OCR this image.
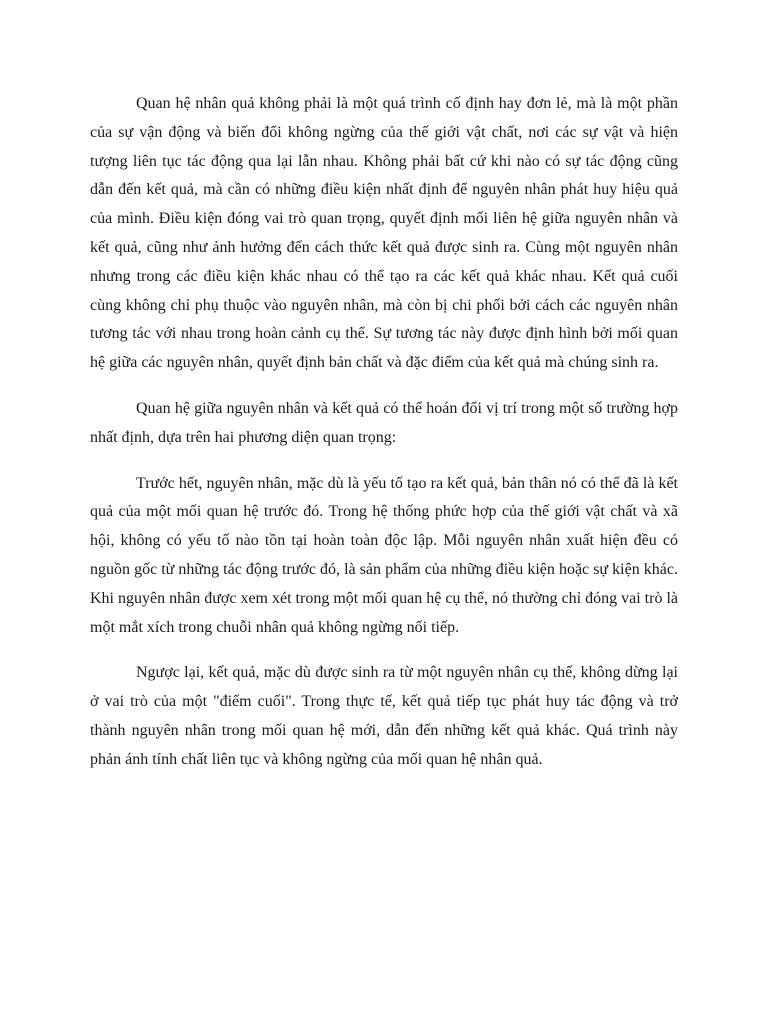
Quan hệ nhân quả không phải là một quá trình cố định hay đơn lẻ, mà là một phần của sự vận động và biến đổi không ngừng của thế giới vật chất, nơi các sự vật và hiện tượng liên tục tác động qua lại lẫn nhau. Không phải bất cứ khi nào có sự tác động cũng dẫn đến kết quả, mà cần có những điều kiện nhất định để nguyên nhân phát huy hiệu quả của mình. Điều kiện đóng vai trò quan trọng, quyết định mối liên hệ giữa nguyên nhân và kết quả, cũng như ảnh hưởng đến cách thức kết quả được sinh ra. Cùng một nguyên nhân nhưng trong các điều kiện khác nhau có thể tạo ra các kết quả khác nhau. Kết quả cuối cùng không chỉ phụ thuộc vào nguyên nhân, mà còn bị chi phối bởi cách các nguyên nhân tương tác với nhau trong hoàn cảnh cụ thể. Sự tương tác này được định hình bởi mối quan hệ giữa các nguyên nhân, quyết định bản chất và đặc điểm của kết quả mà chúng sinh ra.

Quan hệ giữa nguyên nhân và kết quả có thể hoán đổi vị trí trong một số trường hợp nhất định, dựa trên hai phương diện quan trọng:

Trước hết, nguyên nhân, mặc dù là yếu tố tạo ra kết quả, bản thân nó có thể đã là kết quả của một mối quan hệ trước đó. Trong hệ thống phức hợp của thế giới vật chất và xã hội, không có yếu tố nào tồn tại hoàn toàn độc lập. Mỗi nguyên nhân xuất hiện đều có nguồn gốc từ những tác động trước đó, là sản phẩm của những điều kiện hoặc sự kiện khác. Khi nguyên nhân được xem xét trong một mối quan hệ cụ thể, nó thường chỉ đóng vai trò là một mắt xích trong chuỗi nhân quả không ngừng nối tiếp.

Ngược lại, kết quả, mặc dù được sinh ra từ một nguyên nhân cụ thể, không dừng lại ở vai trò của một "điểm cuối". Trong thực tế, kết quả tiếp tục phát huy tác động và trở thành nguyên nhân trong mối quan hệ mới, dẫn đến những kết quả khác. Quá trình này phản ánh tính chất liên tục và không ngừng của mối quan hệ nhân quả.
